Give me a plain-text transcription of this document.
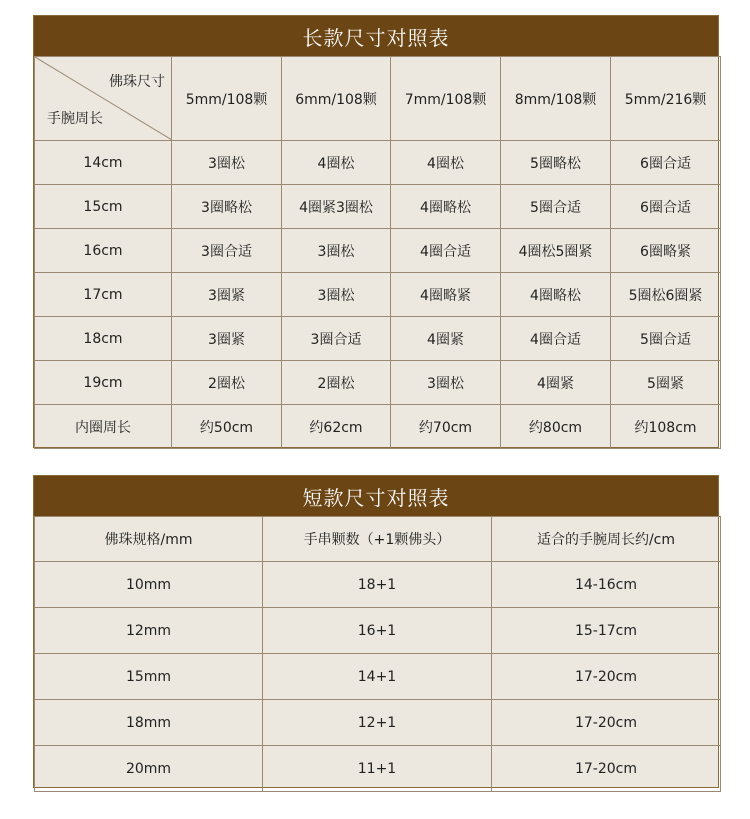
长款尺寸对照表
佛珠尺寸
手腕周长	5mm/108颗	6mm/108颗	7mm/108颗	8mm/108颗	5mm/216颗
14cm	3圈松	4圈松	4圈松	5圈略松	6圈合适
15cm	3圈略松	4圈紧3圈松	4圈略松	5圈合适	6圈合适
16cm	3圈合适	3圈松	4圈合适	4圈松5圈紧	6圈略紧
17cm	3圈紧	3圈松	4圈略紧	4圈略松	5圈松6圈紧
18cm	3圈紧	3圈合适	4圈紧	4圈合适	5圈合适
19cm	2圈松	2圈松	3圈松	4圈紧	5圈紧
内圈周长	约50cm	约62cm	约70cm	约80cm	约108cm
短款尺寸对照表
佛珠规格/mm	手串颗数（+1颗佛头）	适合的手腕周长约/cm
10mm	18+1	14-16cm
12mm	16+1	15-17cm
15mm	14+1	17-20cm
18mm	12+1	17-20cm
20mm	11+1	17-20cm
